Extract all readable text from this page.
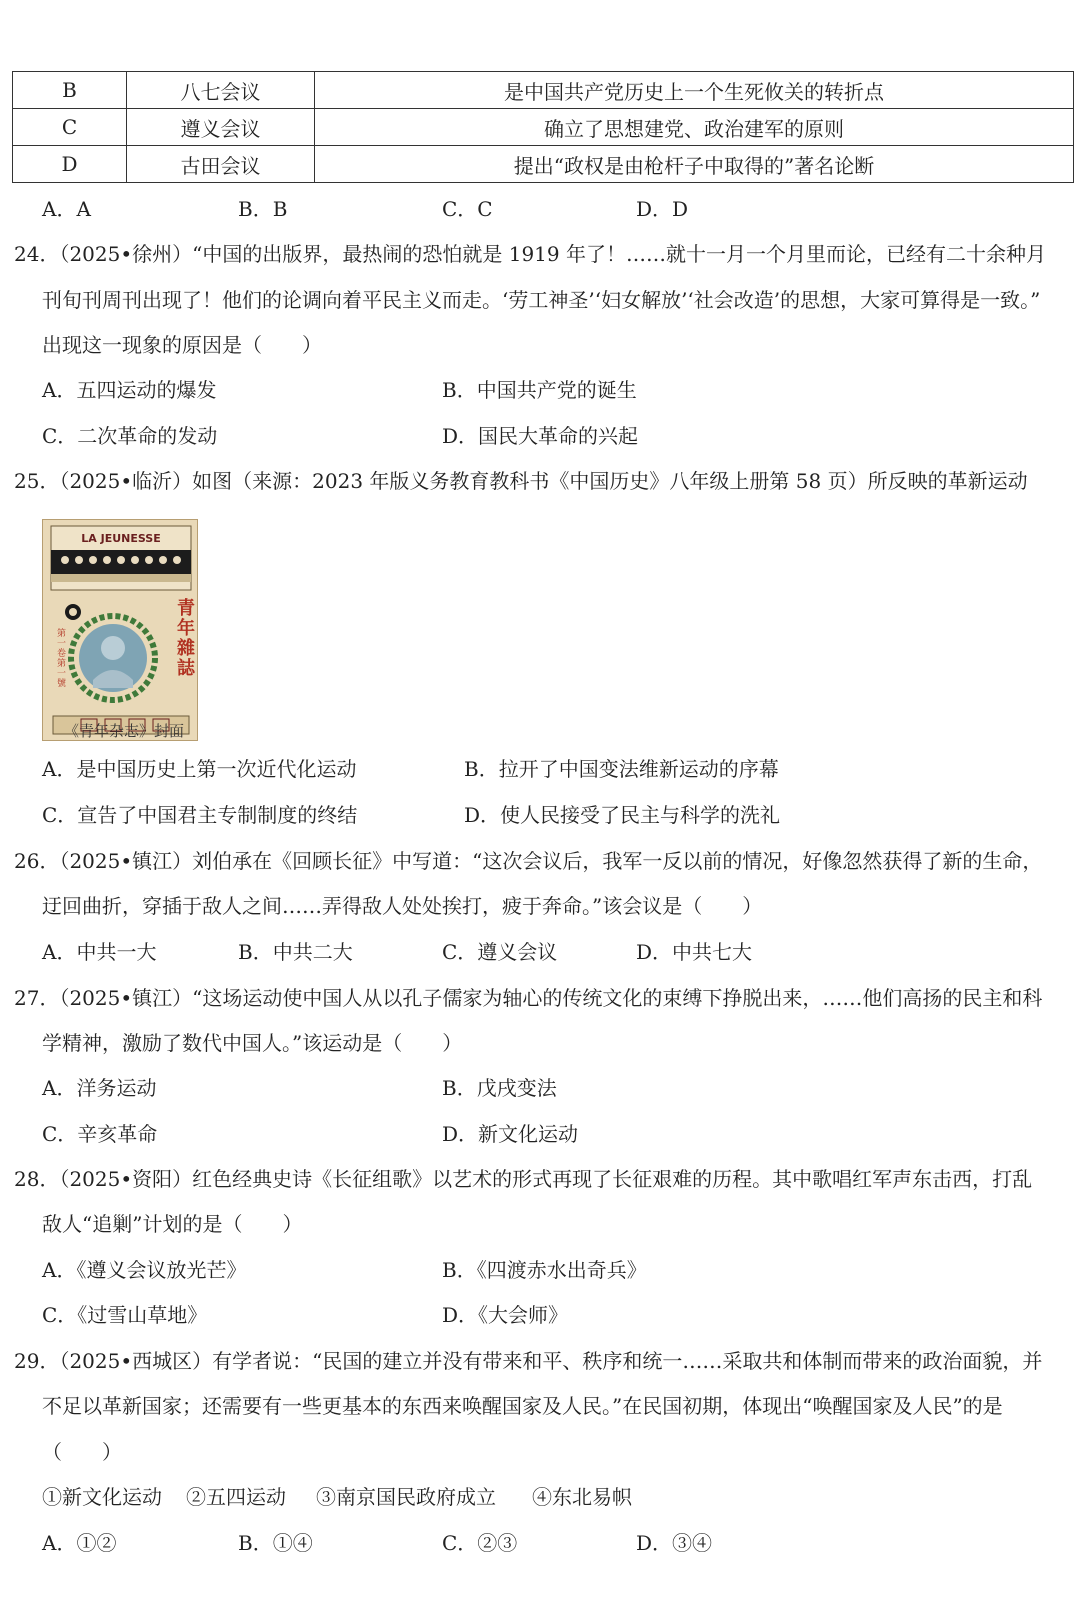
B	八七会议	是中国共产党历史上一个生死攸关的转折点
C	遵义会议	确立了思想建党、政治建军的原则
D	古田会议	提出“政权是由枪杆子中取得的”著名论断
A．A	B．B	C．C	D．D
24．（2025•徐州）“中国的出版界，最热闹的恐怕就是 1919 年了！……就十一月一个月里而论，已经有二十余种月
刊旬刊周刊出现了！他们的论调向着平民主义而走。‘劳工神圣’‘妇女解放’‘社会改造’的思想，大家可算得是一致。”
出现这一现象的原因是（　　）
A．五四运动的爆发	B．中国共产党的诞生
C．二次革命的发动	D．国民大革命的兴起
25．（2025•临沂）如图（来源：2023 年版义务教育教科书《中国历史》八年级上册第 58 页）所反映的革新运动
LA JEUNESSE
青 年 雜 誌
第一卷 第一號
《青年杂志》封面
A．是中国历史上第一次近代化运动	B．拉开了中国变法维新运动的序幕
C．宣告了中国君主专制制度的终结	D．使人民接受了民主与科学的洗礼
26．（2025•镇江）刘伯承在《回顾长征》中写道：“这次会议后，我军一反以前的情况，好像忽然获得了新的生命，
迂回曲折，穿插于敌人之间……弄得敌人处处挨打，疲于奔命。”该会议是（　　）
A．中共一大	B．中共二大	C．遵义会议	D．中共七大
27．（2025•镇江）“这场运动使中国人从以孔子儒家为轴心的传统文化的束缚下挣脱出来，……他们高扬的民主和科
学精神，激励了数代中国人。”该运动是（　　）
A．洋务运动	B．戊戌变法
C．辛亥革命	D．新文化运动
28．（2025•资阳）红色经典史诗《长征组歌》以艺术的形式再现了长征艰难的历程。其中歌唱红军声东击西，打乱
敌人“追剿”计划的是（　　）
A．《遵义会议放光芒》	B．《四渡赤水出奇兵》
C．《过雪山草地》	D．《大会师》
29．（2025•西城区）有学者说：“民国的建立并没有带来和平、秩序和统一……采取共和体制而带来的政治面貌，并
不足以革新国家；还需要有一些更基本的东西来唤醒国家及人民。”在民国初期，体现出“唤醒国家及人民”的是
（　　）
①新文化运动 ②五四运动 ③南京国民政府成立 ④东北易帜
A．①②	B．①④	C．②③	D．③④
